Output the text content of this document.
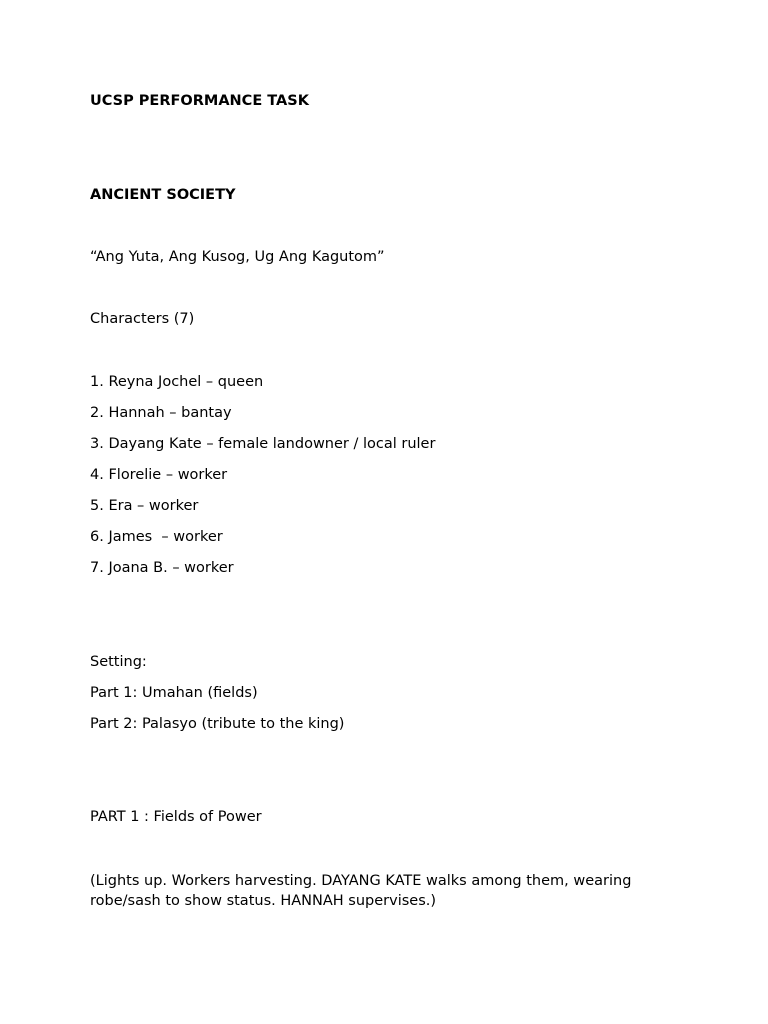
UCSP PERFORMANCE TASK
ANCIENT SOCIETY
“Ang Yuta, Ang Kusog, Ug Ang Kagutom”
Characters (7)
1. Reyna Jochel – queen
2. Hannah – bantay
3. Dayang Kate – female landowner / local ruler
4. Florelie – worker
5. Era – worker
6. James  – worker
7. Joana B. – worker
Setting:
Part 1: Umahan (fields)
Part 2: Palasyo (tribute to the king)
PART 1 : Fields of Power
(Lights up. Workers harvesting. DAYANG KATE walks among them, wearing robe/sash to show status. HANNAH supervises.)
